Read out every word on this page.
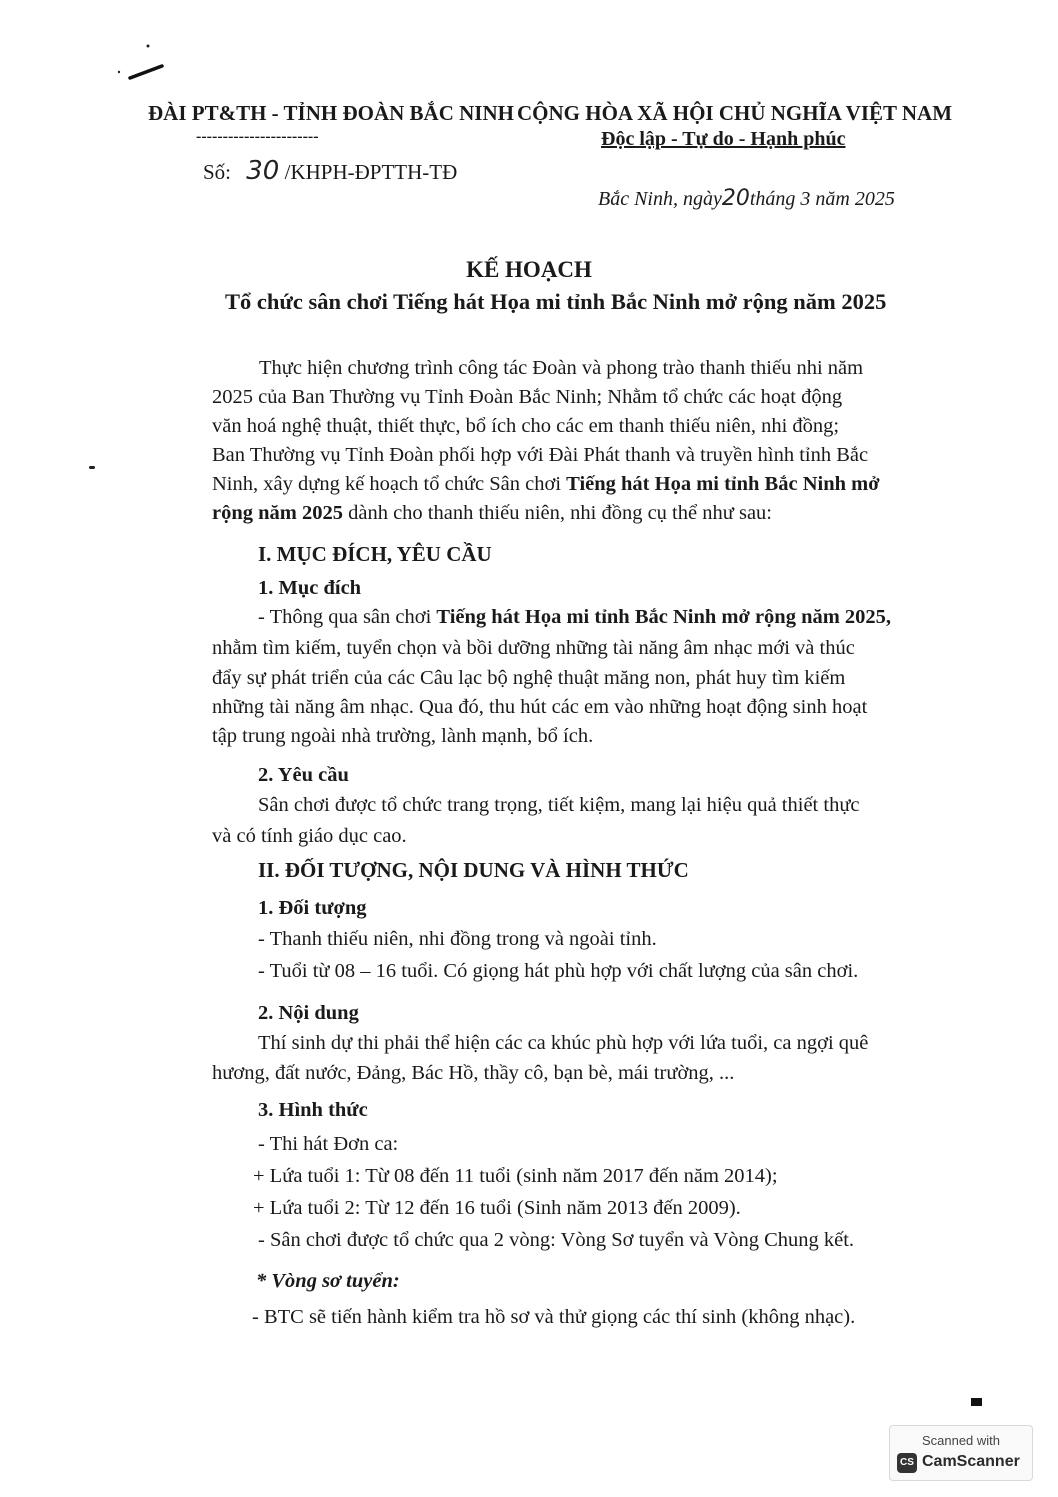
ĐÀI PT&TH - TỈNH ĐOÀN BẮC NINH
-----------------------
Số: 30 /KHPH-ĐPTTH-TĐ
CỘNG HÒA XÃ HỘI CHỦ NGHĨA VIỆT NAM
Độc lập - Tự do - Hạnh phúc
Bắc Ninh, ngày20tháng 3 năm 2025
KẾ HOẠCH
Tổ chức sân chơi Tiếng hát Họa mi tỉnh Bắc Ninh mở rộng năm 2025
Thực hiện chương trình công tác Đoàn và phong trào thanh thiếu nhi năm
2025 của Ban Thường vụ Tỉnh Đoàn Bắc Ninh; Nhằm tổ chức các hoạt động
văn hoá nghệ thuật, thiết thực, bổ ích cho các em thanh thiếu niên, nhi đồng;
Ban Thường vụ Tỉnh Đoàn phối hợp với Đài Phát thanh và truyền hình tỉnh Bắc
Ninh, xây dựng kế hoạch tổ chức Sân chơi Tiếng hát Họa mi tỉnh Bắc Ninh mở
rộng năm 2025 dành cho thanh thiếu niên, nhi đồng cụ thể như sau:
I. MỤC ĐÍCH, YÊU CẦU
1. Mục đích
- Thông qua sân chơi Tiếng hát Họa mi tỉnh Bắc Ninh mở rộng năm 2025,
nhằm tìm kiếm, tuyển chọn và bồi dưỡng những tài năng âm nhạc mới và thúc
đẩy sự phát triển của các Câu lạc bộ nghệ thuật măng non, phát huy tìm kiếm
những tài năng âm nhạc. Qua đó, thu hút các em vào những hoạt động sinh hoạt
tập trung ngoài nhà trường, lành mạnh, bổ ích.
2. Yêu cầu
Sân chơi được tổ chức trang trọng, tiết kiệm, mang lại hiệu quả thiết thực
và có tính giáo dục cao.
II. ĐỐI TƯỢNG, NỘI DUNG VÀ HÌNH THỨC
1. Đối tượng
- Thanh thiếu niên, nhi đồng trong và ngoài tỉnh.
- Tuổi từ 08 – 16 tuổi. Có giọng hát phù hợp với chất lượng của sân chơi.
2. Nội dung
Thí sinh dự thi phải thể hiện các ca khúc phù hợp với lứa tuổi, ca ngợi quê
hương, đất nước, Đảng, Bác Hồ, thầy cô, bạn bè, mái trường, ...
3. Hình thức
- Thi hát Đơn ca:
+ Lứa tuổi 1: Từ 08 đến 11 tuổi (sinh năm 2017 đến năm 2014);
+ Lứa tuổi 2: Từ 12 đến 16 tuổi (Sinh năm 2013 đến 2009).
- Sân chơi được tổ chức qua 2 vòng: Vòng Sơ tuyển và Vòng Chung kết.
* Vòng sơ tuyển:
- BTC sẽ tiến hành kiểm tra hồ sơ và thử giọng các thí sinh (không nhạc).
Scanned with
CS CamScanner
